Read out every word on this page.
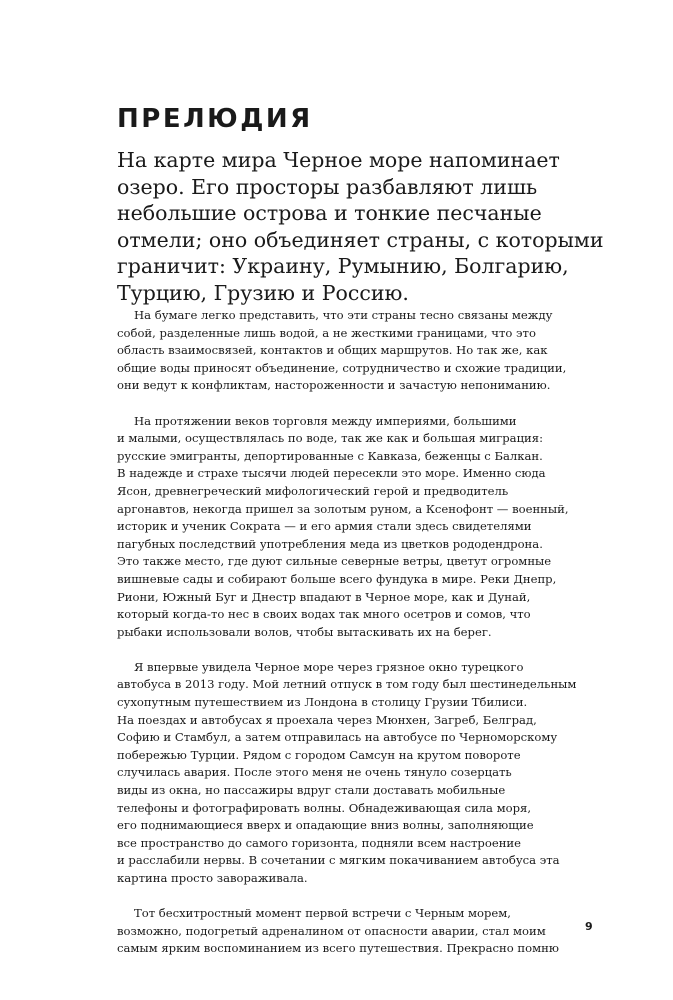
ПРЕЛЮДИЯ
На карте мира Черное море напоминает
озеро. Его просторы разбавляют лишь
небольшие острова и тонкие песчаные
отмели; оно объединяет страны, с которыми
граничит: Украину, Румынию, Болгарию,
Турцию, Грузию и Россию.

На бумаге легко представить, что эти страны тесно связаны между
собой, разделенные лишь водой, а не жесткими границами, что это
область взаимосвязей, контактов и общих маршрутов. Но так же, как
общие воды приносят объединение, сотрудничество и схожие традиции,
они ведут к конфликтам, настороженности и зачастую непониманию.

На протяжении веков торговля между империями, большими
и малыми, осуществлялась по воде, так же как и большая миграция:
русские эмигранты, депортированные с Кавказа, беженцы с Балкан.
В надежде и страхе тысячи людей пересекли это море. Именно сюда
Ясон, древнегреческий мифологический герой и предводитель
аргонавтов, некогда пришел за золотым руном, а Ксенофонт — военный,
историк и ученик Сократа — и его армия стали здесь свидетелями
пагубных последствий употребления меда из цветков рододендрона.
Это также место, где дуют сильные северные ветры, цветут огромные
вишневые сады и собирают больше всего фундука в мире. Реки Днепр,
Риони, Южный Буг и Днестр впадают в Черное море, как и Дунай,
который когда-то нес в своих водах так много осетров и сомов, что
рыбаки использовали волов, чтобы вытаскивать их на берег.

Я впервые увидела Черное море через грязное окно турецкого
автобуса в 2013 году. Мой летний отпуск в том году был шестинедельным
сухопутным путешествием из Лондона в столицу Грузии Тбилиси.
На поездах и автобусах я проехала через Мюнхен, Загреб, Белград,
Софию и Стамбул, а затем отправилась на автобусе по Черноморскому
побережью Турции. Рядом с городом Самсун на крутом повороте
случилась авария. После этого меня не очень тянуло созерцать
виды из окна, но пассажиры вдруг стали доставать мобильные
телефоны и фотографировать волны. Обнадеживающая сила моря,
его поднимающиеся вверх и опадающие вниз волны, заполняющие
все пространство до самого горизонта, подняли всем настроение
и расслабили нервы. В сочетании с мягким покачиванием автобуса эта
картина просто завораживала.

Тот бесхитростный момент первой встречи с Черным морем,
возможно, подогретый адреналином от опасности аварии, стал моим
самым ярким воспоминанием из всего путешествия. Прекрасно помню

9
